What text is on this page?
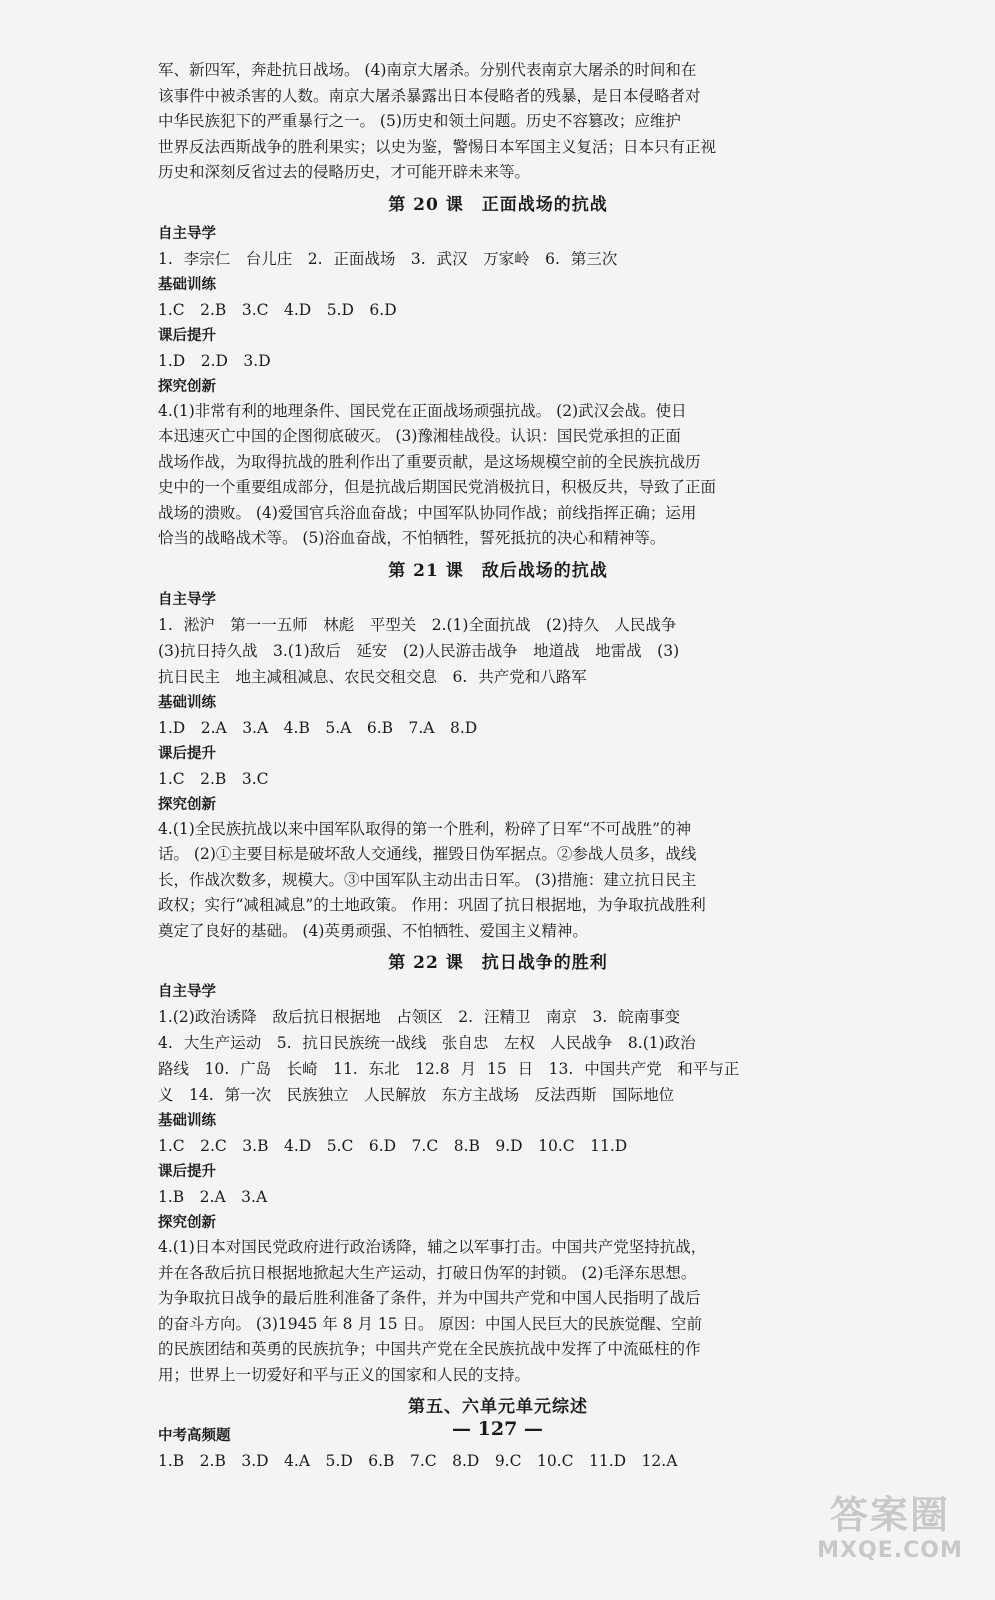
军、新四军，奔赴抗日战场。 (4)南京大屠杀。分别代表南京大屠杀的时间和在

该事件中被杀害的人数。南京大屠杀暴露出日本侵略者的残暴，是日本侵略者对

中华民族犯下的严重暴行之一。 (5)历史和领土问题。历史不容篡改；应维护

世界反法西斯战争的胜利果实；以史为鉴，警惕日本军国主义复活；日本只有正视

历史和深刻反省过去的侵略历史，才可能开辟未来等。

第 20 课　正面战场的抗战
自主导学

1. 李宗仁　台儿庄　2. 正面战场　3. 武汉　万家岭　6. 第三次

基础训练

1.C　2.B　3.C　4.D　5.D　6.D

课后提升

1.D　2.D　3.D

探究创新

4.(1)非常有利的地理条件、国民党在正面战场顽强抗战。 (2)武汉会战。使日

本迅速灭亡中国的企图彻底破灭。 (3)豫湘桂战役。认识：国民党承担的正面

战场作战，为取得抗战的胜利作出了重要贡献，是这场规模空前的全民族抗战历

史中的一个重要组成部分，但是抗战后期国民党消极抗日，积极反共，导致了正面

战场的溃败。 (4)爱国官兵浴血奋战；中国军队协同作战；前线指挥正确；运用

恰当的战略战术等。 (5)浴血奋战，不怕牺牲，誓死抵抗的决心和精神等。

第 21 课　敌后战场的抗战
自主导学

1. 淞沪　第一一五师　林彪　平型关　2.(1)全面抗战　(2)持久　人民战争

(3)抗日持久战　3.(1)敌后　延安　(2)人民游击战争　地道战　地雷战　(3)

抗日民主　地主减租减息、农民交租交息　6. 共产党和八路军

基础训练

1.D　2.A　3.A　4.B　5.A　6.B　7.A　8.D

课后提升

1.C　2.B　3.C

探究创新

4.(1)全民族抗战以来中国军队取得的第一个胜利，粉碎了日军“不可战胜”的神

话。 (2)①主要目标是破坏敌人交通线，摧毁日伪军据点。②参战人员多，战线

长，作战次数多，规模大。③中国军队主动出击日军。 (3)措施：建立抗日民主

政权；实行“减租减息”的土地政策。 作用：巩固了抗日根据地，为争取抗战胜利

奠定了良好的基础。 (4)英勇顽强、不怕牺牲、爱国主义精神。

第 22 课　抗日战争的胜利
自主导学

1.(2)政治诱降　敌后抗日根据地　占领区　2. 汪精卫　南京　3. 皖南事变

4. 大生产运动　5. 抗日民族统一战线　张自忠　左权　人民战争　8.(1)政治

路线　10. 广岛　长崎　11. 东北　12.8 月 15 日　13. 中国共产党　和平与正

义　14. 第一次　民族独立　人民解放　东方主战场　反法西斯　国际地位

基础训练

1.C　2.C　3.B　4.D　5.C　6.D　7.C　8.B　9.D　10.C　11.D

课后提升

1.B　2.A　3.A

探究创新

4.(1)日本对国民党政府进行政治诱降，辅之以军事打击。中国共产党坚持抗战，

并在各敌后抗日根据地掀起大生产运动，打破日伪军的封锁。 (2)毛泽东思想。

为争取抗日战争的最后胜利准备了条件，并为中国共产党和中国人民指明了战后

的奋斗方向。 (3)1945 年 8 月 15 日。 原因：中国人民巨大的民族觉醒、空前

的民族团结和英勇的民族抗争；中国共产党在全民族抗战中发挥了中流砥柱的作

用；世界上一切爱好和平与正义的国家和人民的支持。

第五、六单元单元综述
中考高频题

1.B　2.B　3.D　4.A　5.D　6.B　7.C　8.D　9.C　10.C　11.D　12.A

— 127 —
答案圈
MXQE.COM
